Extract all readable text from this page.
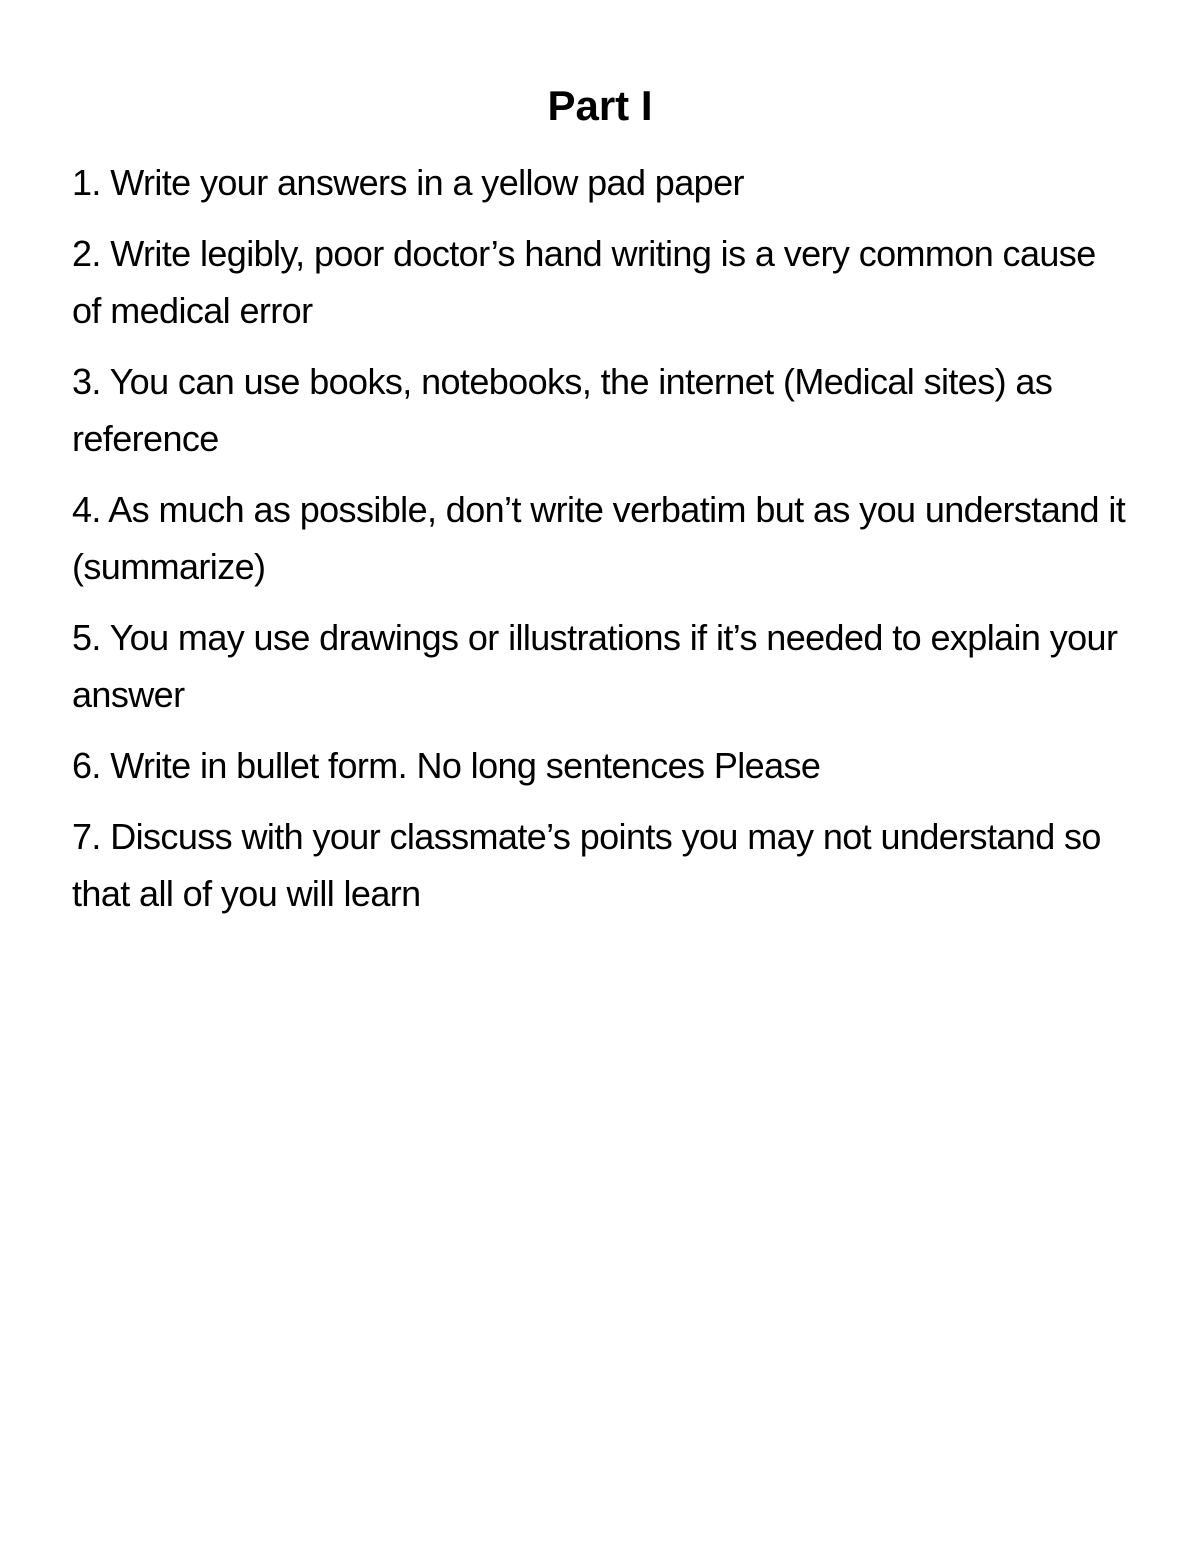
Part I
1. Write your answers in a yellow pad paper
2. Write legibly, poor doctor’s hand writing is a very common cause of medical error
3. You can use books, notebooks, the internet (Medical sites) as reference
4. As much as possible, don’t write verbatim but as you understand it (summarize)
5. You may use drawings or illustrations if it’s needed to explain your answer
6. Write in bullet form. No long sentences Please
7. Discuss with your classmate’s points you may not understand so that all of you will learn
